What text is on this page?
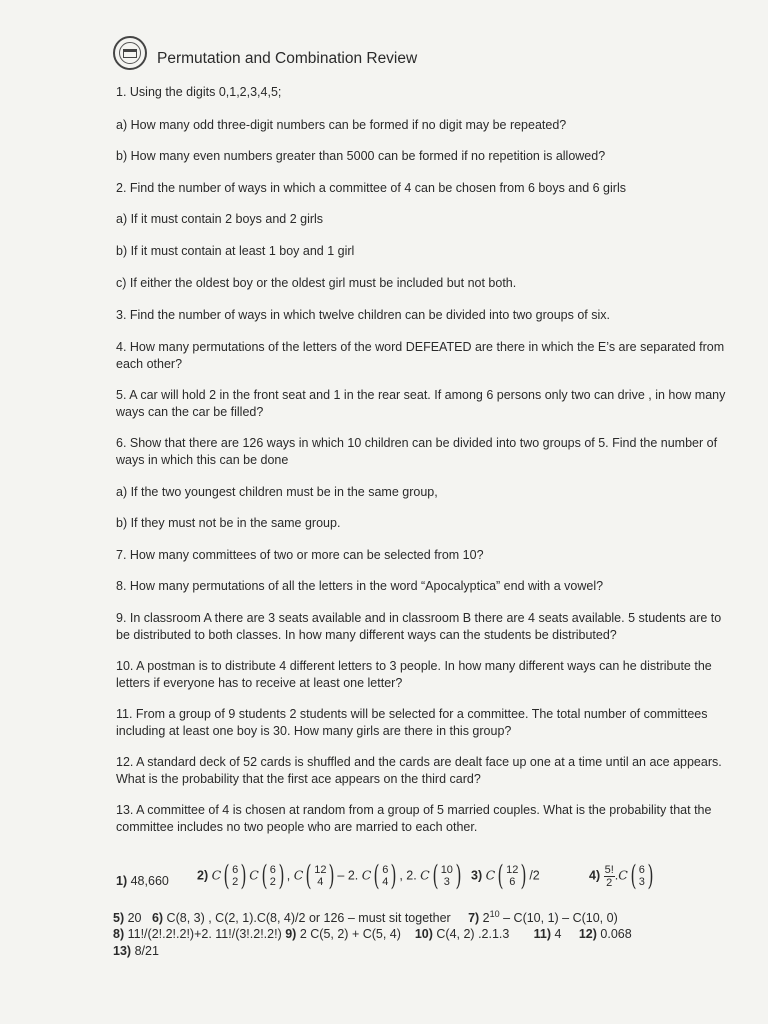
Permutation and Combination Review
1. Using the digits 0,1,2,3,4,5;
a) How many odd three-digit numbers can be formed if no digit may be repeated?
b) How many even numbers greater than 5000 can be formed if no repetition is allowed?
2. Find the number of ways in which a committee of 4 can be chosen from 6 boys and 6 girls
a) If it must contain 2 boys and 2 girls
b) If it must contain at least 1 boy and 1 girl
c) If either the oldest boy or the oldest girl must be included but not both.
3. Find the number of ways in which twelve children can be divided into two groups of six.
4. How many permutations of the letters of the word DEFEATED are there in which the E’s are separated from each other?
5. A car will hold 2 in the front seat and 1 in the rear seat. If among 6 persons only two can drive , in how many ways can the car be filled?
6. Show that there are 126 ways in which 10 children can be divided into two groups of 5. Find the number of ways in which this can be done
a) If the two youngest children must be in the same group,
b) If they must not be in the same group.
7. How many committees of two or more can be selected from 10?
8. How many permutations of all the letters in the word “Apocalyptica” end with a vowel?
9. In classroom A there are 3 seats available and in classroom B there are 4 seats available. 5 students are to be distributed to both classes. In how many different ways can the students be distributed?
10. A postman is to distribute 4 different letters to 3 people. In how many different ways can he distribute the letters if everyone has to receive at least one letter?
11. From a group of 9 students 2 students will be selected for a committee. The total number of committees including at least one boy is 30. How many girls are there in this group?
12. A standard deck of 52 cards is shuffled and the cards are dealt face up one at a time until an ace appears. What is the probability that the first ace appears on the third card?
13. A committee of 4 is chosen at random from a group of 5 married couples. What is the probability that the committee includes no two people who are married to each other.
1) 48,660 2) C ( 6
2 ) C ( 6
2 ) , C ( 12
4 ) – 2. C ( 6
4 ) , 2. C ( 10
3 ) 3) C ( 12
6 ) /2	$4) \frac{5!}{2} .C$ ( 6
3 )
5) 20 6) C(8, 3) , C(2, 1).C(8, 4)/2 or 126 – must sit together 7) $2^{10} - C(10$, 1) – C(10, 0)
8) 11!/(2!.2!.2!)+2. 11!/(3!.2!.2!) 9) 2 C(5, 2) + C(5, 4) 10) C(4, 2) .2.1.3 11) 4 12) 0.068
13) 8/21
